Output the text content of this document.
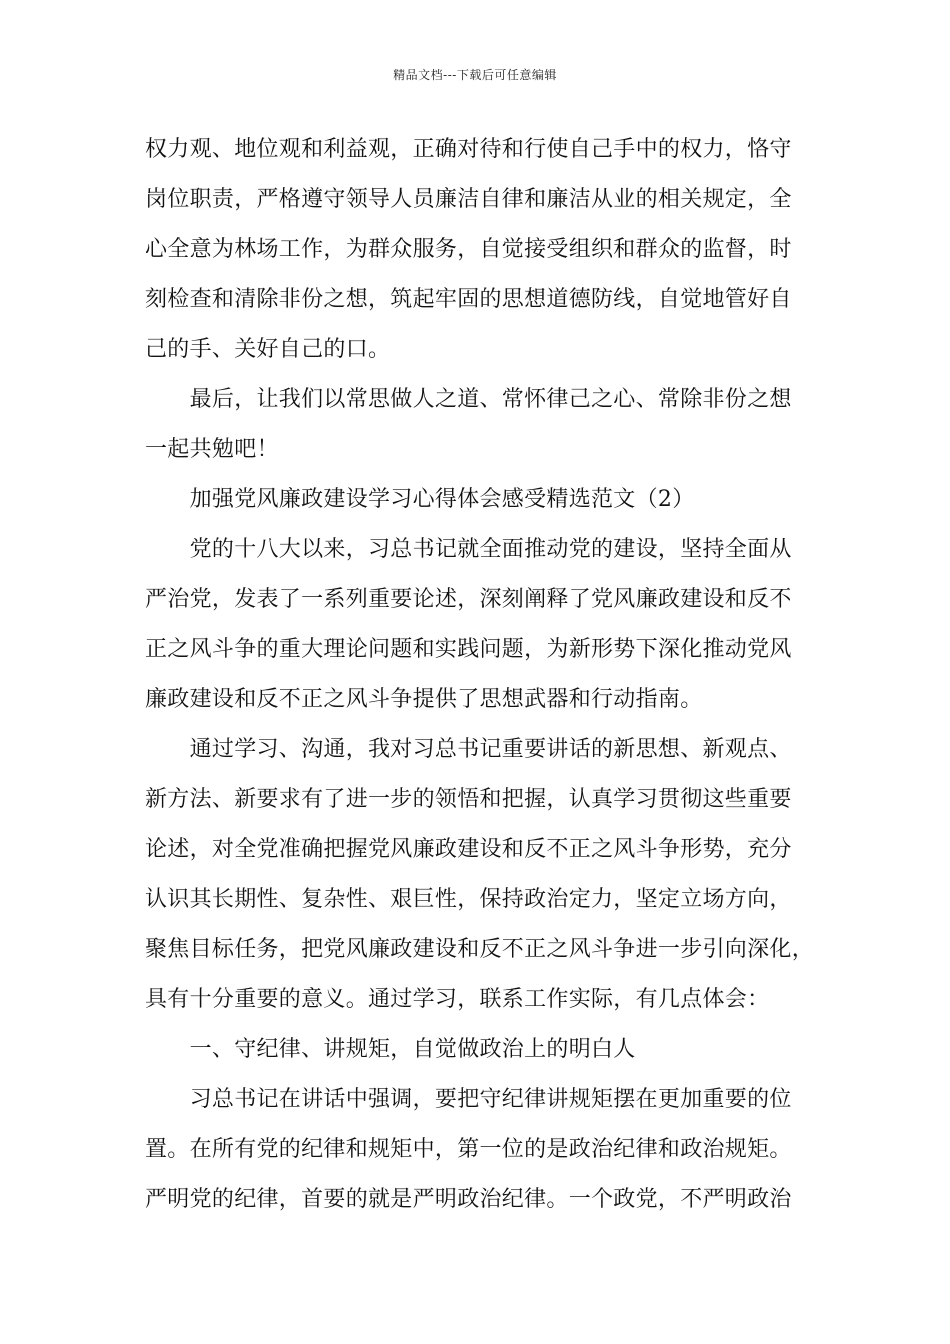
精品文档---下载后可任意编辑
权力观、地位观和利益观，正确对待和行使自己手中的权力，恪守
岗位职责，严格遵守领导人员廉洁自律和廉洁从业的相关规定，全
心全意为林场工作，为群众服务，自觉接受组织和群众的监督，时
刻检查和清除非份之想，筑起牢固的思想道德防线，自觉地管好自
己的手、关好自己的口。
　　最后，让我们以常思做人之道、常怀律己之心、常除非份之想
一起共勉吧！
　　加强党风廉政建设学习心得体会感受精选范文（2）
　　党的十八大以来，习总书记就全面推动党的建设，坚持全面从
严治党，发表了一系列重要论述，深刻阐释了党风廉政建设和反不
正之风斗争的重大理论问题和实践问题，为新形势下深化推动党风
廉政建设和反不正之风斗争提供了思想武器和行动指南。
　　通过学习、沟通，我对习总书记重要讲话的新思想、新观点、
新方法、新要求有了进一步的领悟和把握，认真学习贯彻这些重要
论述，对全党准确把握党风廉政建设和反不正之风斗争形势，充分
认识其长期性、复杂性、艰巨性，保持政治定力，坚定立场方向，
聚焦目标任务，把党风廉政建设和反不正之风斗争进一步引向深化，
具有十分重要的意义。通过学习，联系工作实际，有几点体会：
　　一、守纪律、讲规矩，自觉做政治上的明白人
　　习总书记在讲话中强调，要把守纪律讲规矩摆在更加重要的位
置。在所有党的纪律和规矩中，第一位的是政治纪律和政治规矩。
严明党的纪律，首要的就是严明政治纪律。一个政党，不严明政治
